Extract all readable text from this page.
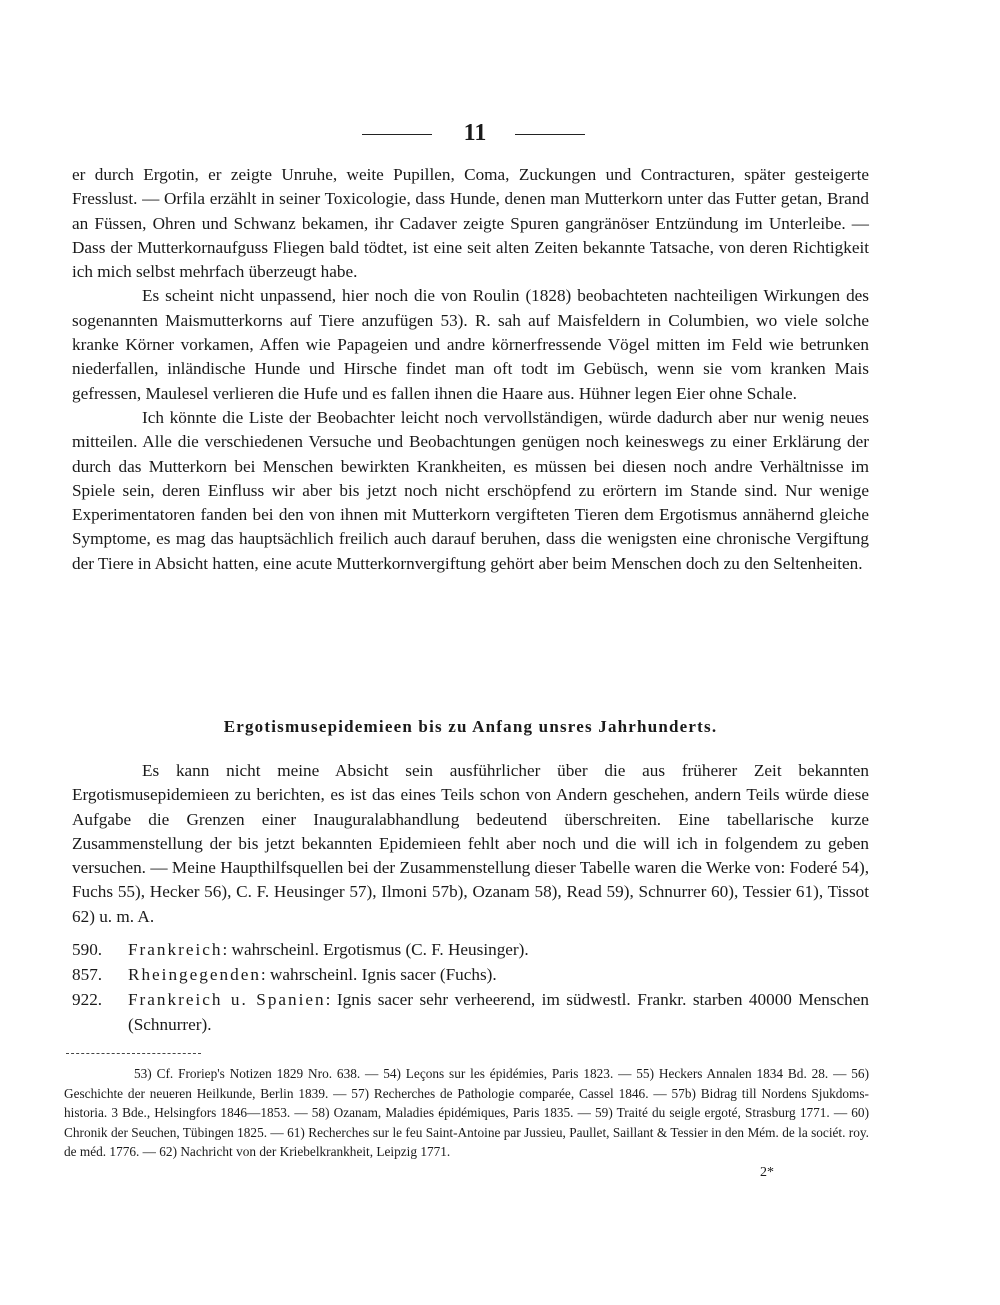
11

er durch Ergotin, er zeigte Unruhe, weite Pupillen, Coma, Zuckungen und Contracturen, später gesteigerte Fresslust. — Orfila erzählt in seiner Toxicologie, dass Hunde, denen man Mutterkorn unter das Futter getan, Brand an Füssen, Ohren und Schwanz bekamen, ihr Cadaver zeigte Spuren gangränöser Entzündung im Unterleibe. — Dass der Mutterkornaufguss Fliegen bald tödtet, ist eine seit alten Zeiten bekannte Tatsache, von deren Richtigkeit ich mich selbst mehrfach überzeugt habe.

Es scheint nicht unpassend, hier noch die von Roulin (1828) beobachteten nachteiligen Wirkungen des sogenannten Maismutterkorns auf Tiere anzufügen 53). R. sah auf Maisfeldern in Columbien, wo viele solche kranke Körner vorkamen, Affen wie Papageien und andre körnerfressende Vögel mitten im Feld wie betrunken niederfallen, inländische Hunde und Hirsche findet man oft todt im Gebüsch, wenn sie vom kranken Mais gefressen, Maulesel verlieren die Hufe und es fallen ihnen die Haare aus. Hühner legen Eier ohne Schale.

Ich könnte die Liste der Beobachter leicht noch vervollständigen, würde dadurch aber nur wenig neues mitteilen. Alle die verschiedenen Versuche und Beobachtungen genügen noch keineswegs zu einer Erklärung der durch das Mutterkorn bei Menschen bewirkten Krankheiten, es müssen bei diesen noch andre Verhältnisse im Spiele sein, deren Einfluss wir aber bis jetzt noch nicht erschöpfend zu erörtern im Stande sind. Nur wenige Experimentatoren fanden bei den von ihnen mit Mutterkorn vergifteten Tieren dem Ergotismus annähernd gleiche Symptome, es mag das hauptsächlich freilich auch darauf beruhen, dass die wenigsten eine chronische Vergiftung der Tiere in Absicht hatten, eine acute Mutterkornvergiftung gehört aber beim Menschen doch zu den Seltenheiten.

Ergotismusepidemieen bis zu Anfang unsres Jahrhunderts.

Es kann nicht meine Absicht sein ausführlicher über die aus früherer Zeit bekannten Ergotismusepidemieen zu berichten, es ist das eines Teils schon von Andern geschehen, andern Teils würde diese Aufgabe die Grenzen einer Inauguralabhandlung bedeutend überschreiten. Eine tabellarische kurze Zusammenstellung der bis jetzt bekannten Epidemieen fehlt aber noch und die will ich in folgendem zu geben versuchen. — Meine Haupthilfsquellen bei der Zusammenstellung dieser Tabelle waren die Werke von: Foderé 54), Fuchs 55), Hecker 56), C. F. Heusinger 57), Ilmoni 57b), Ozanam 58), Read 59), Schnurrer 60), Tessier 61), Tissot 62) u. m. A.

590.	Frankreich: wahrscheinl. Ergotismus (C. F. Heusinger).
857.	Rheingegenden: wahrscheinl. Ignis sacer (Fuchs).
922.	Frankreich u. Spanien: Ignis sacer sehr verheerend, im südwestl. Frankr. starben 40000 Menschen (Schnurrer).

53) Cf. Froriep's Notizen 1829 Nro. 638. — 54) Leçons sur les épidémies, Paris 1823. — 55) Heckers Annalen 1834 Bd. 28. — 56) Geschichte der neueren Heilkunde, Berlin 1839. — 57) Recherches de Pathologie comparée, Cassel 1846. — 57b) Bidrag till Nordens Sjukdoms-historia. 3 Bde., Helsingfors 1846—1853. — 58) Ozanam, Maladies épidémiques, Paris 1835. — 59) Traité du seigle ergoté, Strasburg 1771. — 60) Chronik der Seuchen, Tübingen 1825. — 61) Recherches sur le feu Saint-Antoine par Jussieu, Paullet, Saillant & Tessier in den Mém. de la sociét. roy. de méd. 1776. — 62) Nachricht von der Kriebelkrankheit, Leipzig 1771.

2*
